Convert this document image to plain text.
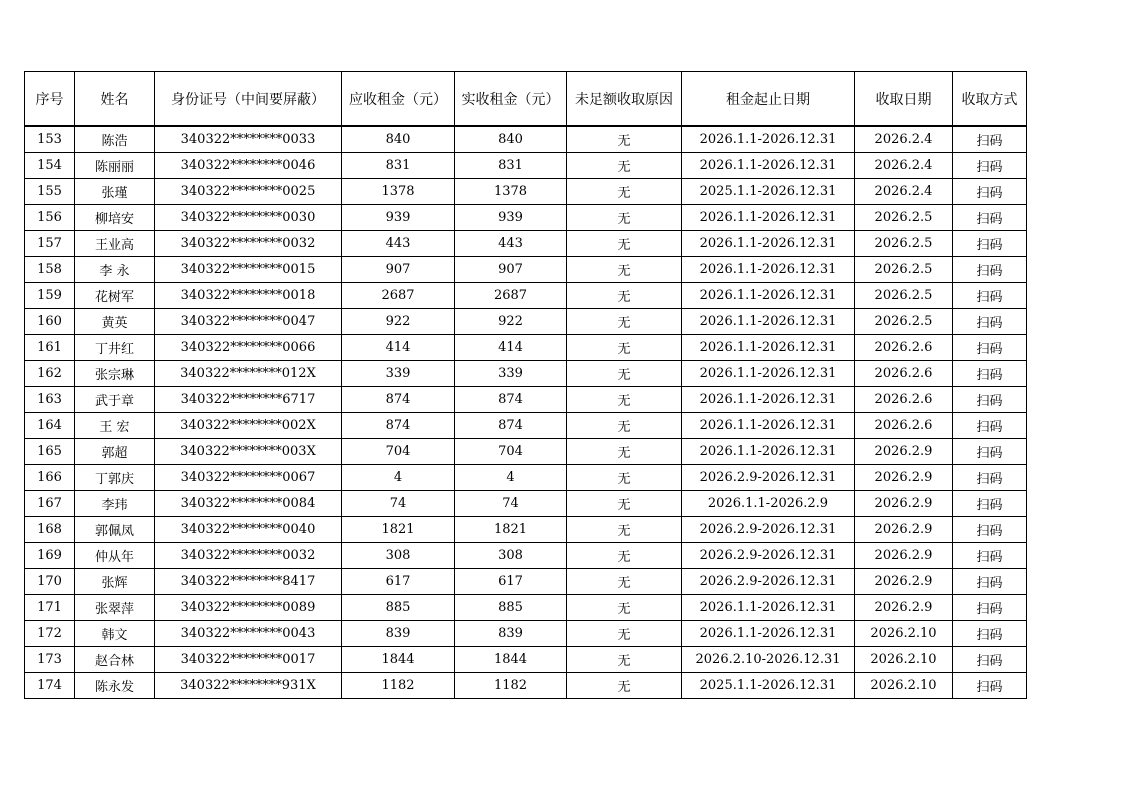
序号	姓名	身份证号（中间要屏蔽）	应收租金（元）	实收租金（元）	未足额收取原因	租金起止日期	收取日期	收取方式
153	陈浩	340322********0033	840	840	无	2026.1.1-2026.12.31	2026.2.4	扫码
154	陈丽丽	340322********0046	831	831	无	2026.1.1-2026.12.31	2026.2.4	扫码
155	张瑾	340322********0025	1378	1378	无	2025.1.1-2026.12.31	2026.2.4	扫码
156	柳培安	340322********0030	939	939	无	2026.1.1-2026.12.31	2026.2.5	扫码
157	王业高	340322********0032	443	443	无	2026.1.1-2026.12.31	2026.2.5	扫码
158	李 永	340322********0015	907	907	无	2026.1.1-2026.12.31	2026.2.5	扫码
159	花树军	340322********0018	2687	2687	无	2026.1.1-2026.12.31	2026.2.5	扫码
160	黄英	340322********0047	922	922	无	2026.1.1-2026.12.31	2026.2.5	扫码
161	丁井红	340322********0066	414	414	无	2026.1.1-2026.12.31	2026.2.6	扫码
162	张宗琳	340322********012X	339	339	无	2026.1.1-2026.12.31	2026.2.6	扫码
163	武于章	340322********6717	874	874	无	2026.1.1-2026.12.31	2026.2.6	扫码
164	王 宏	340322********002X	874	874	无	2026.1.1-2026.12.31	2026.2.6	扫码
165	郭超	340322********003X	704	704	无	2026.1.1-2026.12.31	2026.2.9	扫码
166	丁郭庆	340322********0067	4	4	无	2026.2.9-2026.12.31	2026.2.9	扫码
167	李玮	340322********0084	74	74	无	2026.1.1-2026.2.9	2026.2.9	扫码
168	郭佩凤	340322********0040	1821	1821	无	2026.2.9-2026.12.31	2026.2.9	扫码
169	仲从年	340322********0032	308	308	无	2026.2.9-2026.12.31	2026.2.9	扫码
170	张辉	340322********8417	617	617	无	2026.2.9-2026.12.31	2026.2.9	扫码
171	张翠萍	340322********0089	885	885	无	2026.1.1-2026.12.31	2026.2.9	扫码
172	韩文	340322********0043	839	839	无	2026.1.1-2026.12.31	2026.2.10	扫码
173	赵合林	340322********0017	1844	1844	无	2026.2.10-2026.12.31	2026.2.10	扫码
174	陈永发	340322********931X	1182	1182	无	2025.1.1-2026.12.31	2026.2.10	扫码
